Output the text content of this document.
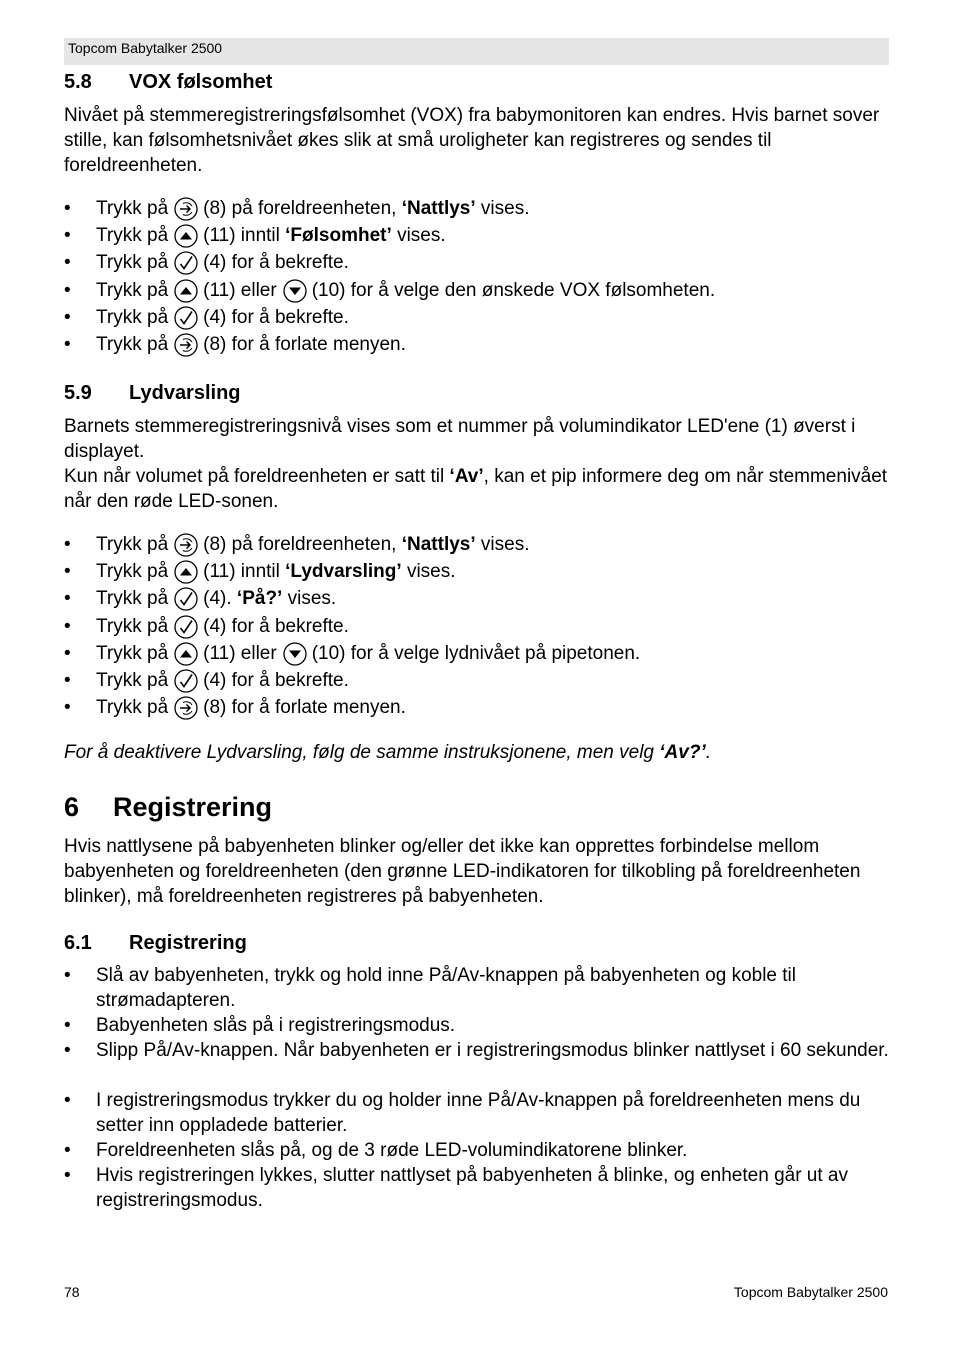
Topcom Babytalker 2500
5.8 VOX følsomhet
Nivået på stemmeregistreringsfølsomhet (VOX) fra babymonitoren kan endres. Hvis barnet sover stille, kan følsomhetsnivået økes slik at små uroligheter kan registreres og sendes til foreldreenheten.
• Trykk på (8) på foreldreenheten, ‘Nattlys’ vises.
• Trykk på (11) inntil ‘Følsomhet’ vises.
• Trykk på (4) for å bekrefte.
• Trykk på (11) eller (10) for å velge den ønskede VOX følsomheten.
• Trykk på (4) for å bekrefte.
• Trykk på (8) for å forlate menyen.
5.9 Lydvarsling
Barnets stemmeregistreringsnivå vises som et nummer på volumindikator LED'ene (1) øverst i displayet.
Kun når volumet på foreldreenheten er satt til ‘Av’, kan et pip informere deg om når stemmenivået når den røde LED-sonen.
• Trykk på (8) på foreldreenheten, ‘Nattlys’ vises.
• Trykk på (11) inntil ‘Lydvarsling’ vises.
• Trykk på (4). ‘På?’ vises.
• Trykk på (4) for å bekrefte.
• Trykk på (11) eller (10) for å velge lydnivået på pipetonen.
• Trykk på (4) for å bekrefte.
• Trykk på (8) for å forlate menyen.
For å deaktivere Lydvarsling, følg de samme instruksjonene, men velg ‘Av?’.
6 Registrering
Hvis nattlysene på babyenheten blinker og/eller det ikke kan opprettes forbindelse mellom babyenheten og foreldreenheten (den grønne LED-indikatoren for tilkobling på foreldreenheten blinker), må foreldreenheten registreres på babyenheten.
6.1 Registrering
• Slå av babyenheten, trykk og hold inne På/Av-knappen på babyenheten og koble til strømadapteren.
• Babyenheten slås på i registreringsmodus.
• Slipp På/Av-knappen. Når babyenheten er i registreringsmodus blinker nattlyset i 60 sekunder.
• I registreringsmodus trykker du og holder inne På/Av-knappen på foreldreenheten mens du setter inn oppladede batterier.
• Foreldreenheten slås på, og de 3 røde LED-volumindikatorene blinker.
• Hvis registreringen lykkes, slutter nattlyset på babyenheten å blinke, og enheten går ut av registreringsmodus.
78	Topcom Babytalker 2500
